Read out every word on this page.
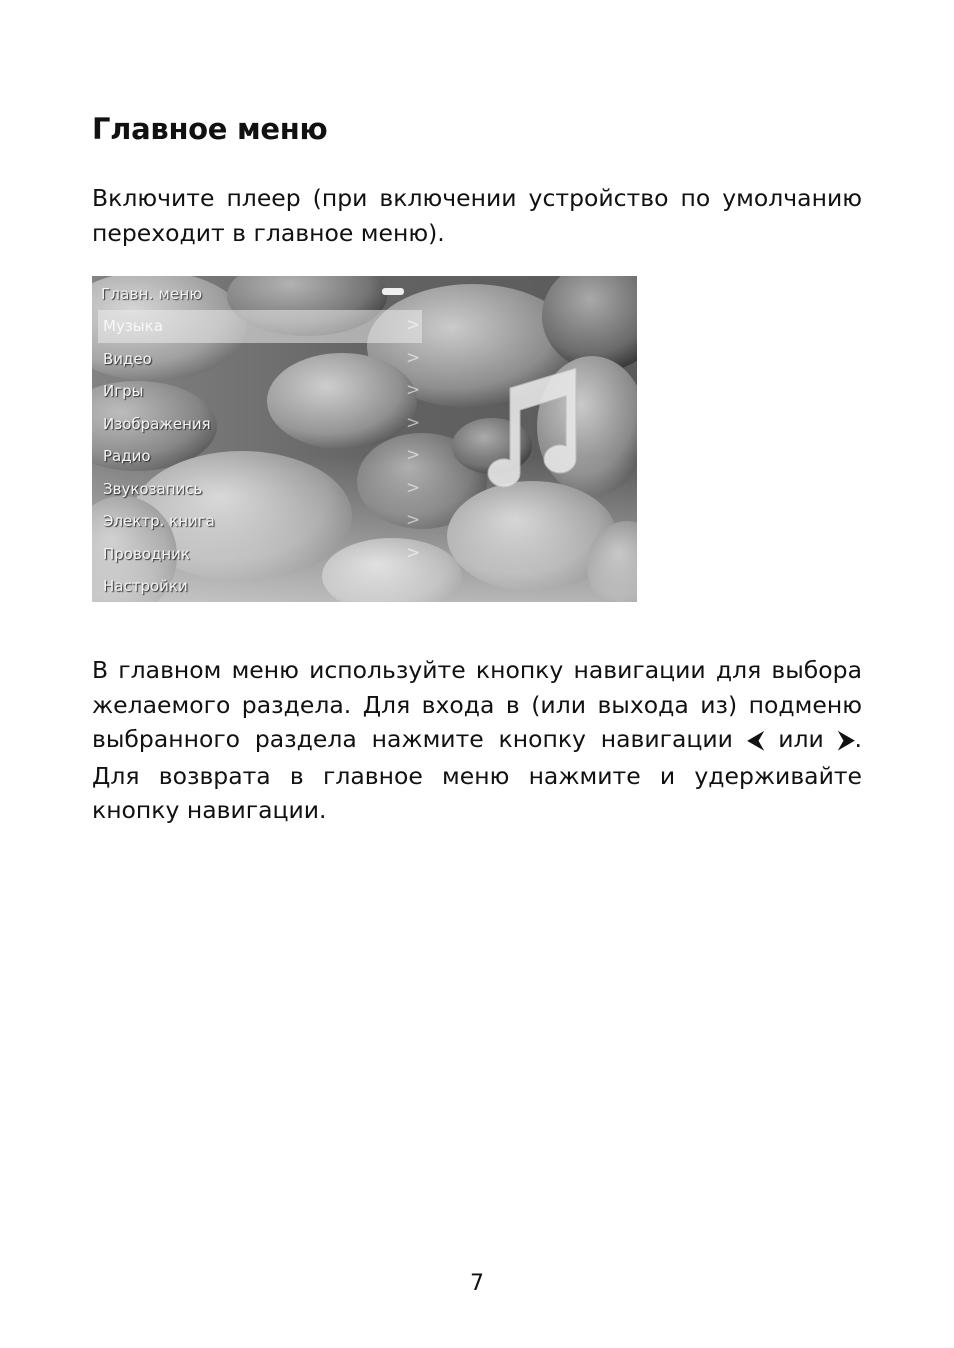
Главное меню

Включите плеер (при включении устройство по умолчанию переходит в главное меню).

Главн. меню
Музыка	>
Видео	>
Игры	>
Изображения	>
Радио	>
Звукозапись	>
Электр. книга	>
Проводник	>
Настройки

В главном меню используйте кнопку навигации для выбора желаемого раздела. Для входа в (или выхода из) подменю выбранного раздела нажмите кнопку навигации ⮜ или ⮞. Для возврата в главное меню нажмите и удерживайте кнопку навигации.

7
